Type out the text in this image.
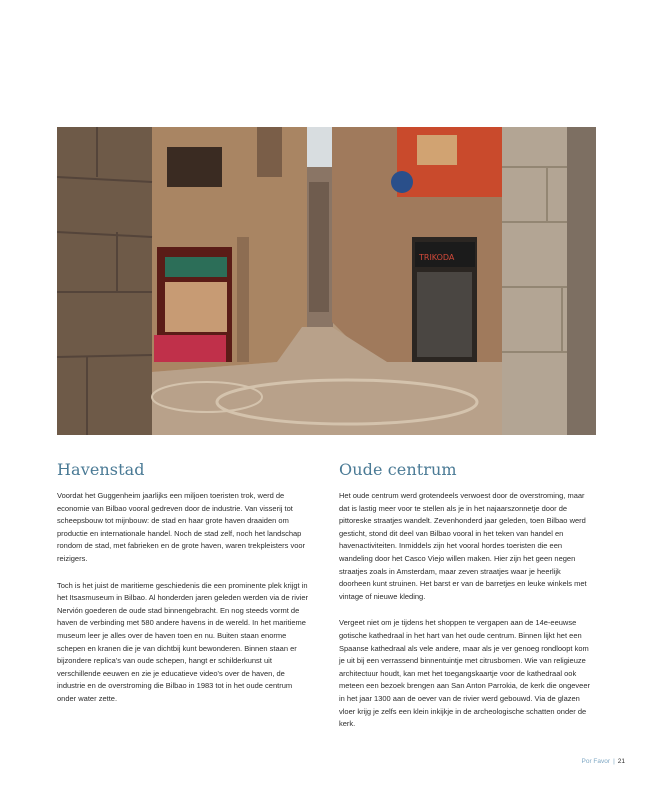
TRIKODA
Havenstad

Voordat het Guggenheim jaarlijks een miljoen toeristen trok, werd de economie van Bilbao vooral gedreven door de industrie. Van visserij tot scheepsbouw tot mijnbouw: de stad en haar grote haven draaiden om productie en internationale handel. Noch de stad zelf, noch het landschap rondom de stad, met fabrieken en de grote haven, waren trekpleisters voor reizigers.

Toch is het juist de maritieme geschiedenis die een prominente plek krijgt in het Itsasmuseum in Bilbao. Al honderden jaren geleden werden via de rivier Nervión goederen de oude stad binnengebracht. En nog steeds vormt de haven de verbinding met 580 andere havens in de wereld. In het maritieme museum leer je alles over de haven toen en nu. Buiten staan enorme schepen en kranen die je van dichtbij kunt bewonderen. Binnen staan er bijzondere replica's van oude schepen, hangt er schilderkunst uit verschillende eeuwen en zie je educatieve video's over de haven, de industrie en de overstroming die Bilbao in 1983 tot in het oude centrum onder water zette.

Oude centrum

Het oude centrum werd grotendeels verwoest door de overstroming, maar dat is lastig meer voor te stellen als je in het najaarszonnetje door de pittoreske straatjes wandelt. Zevenhonderd jaar geleden, toen Bilbao werd gesticht, stond dit deel van Bilbao vooral in het teken van handel en havenactiviteiten. Inmiddels zijn het vooral hordes toeristen die een wandeling door het Casco Viejo willen maken. Hier zijn het geen negen straatjes zoals in Amsterdam, maar zeven straatjes waar je heerlijk doorheen kunt struinen. Het barst er van de barretjes en leuke winkels met vintage of nieuwe kleding.

Vergeet niet om je tijdens het shoppen te vergapen aan de 14e-eeuwse gotische kathedraal in het hart van het oude centrum. Binnen lijkt het een Spaanse kathedraal als vele andere, maar als je ver genoeg rondloopt kom je uit bij een verrassend binnentuintje met citrusbomen. Wie van religieuze architectuur houdt, kan met het toegangskaartje voor de kathedraal ook meteen een bezoek brengen aan San Anton Parrokia, de kerk die ongeveer in het jaar 1300 aan de oever van de rivier werd gebouwd. Via de glazen vloer krijg je zelfs een klein inkijkje in de archeologische schatten onder de kerk.

Por Favor | 21
